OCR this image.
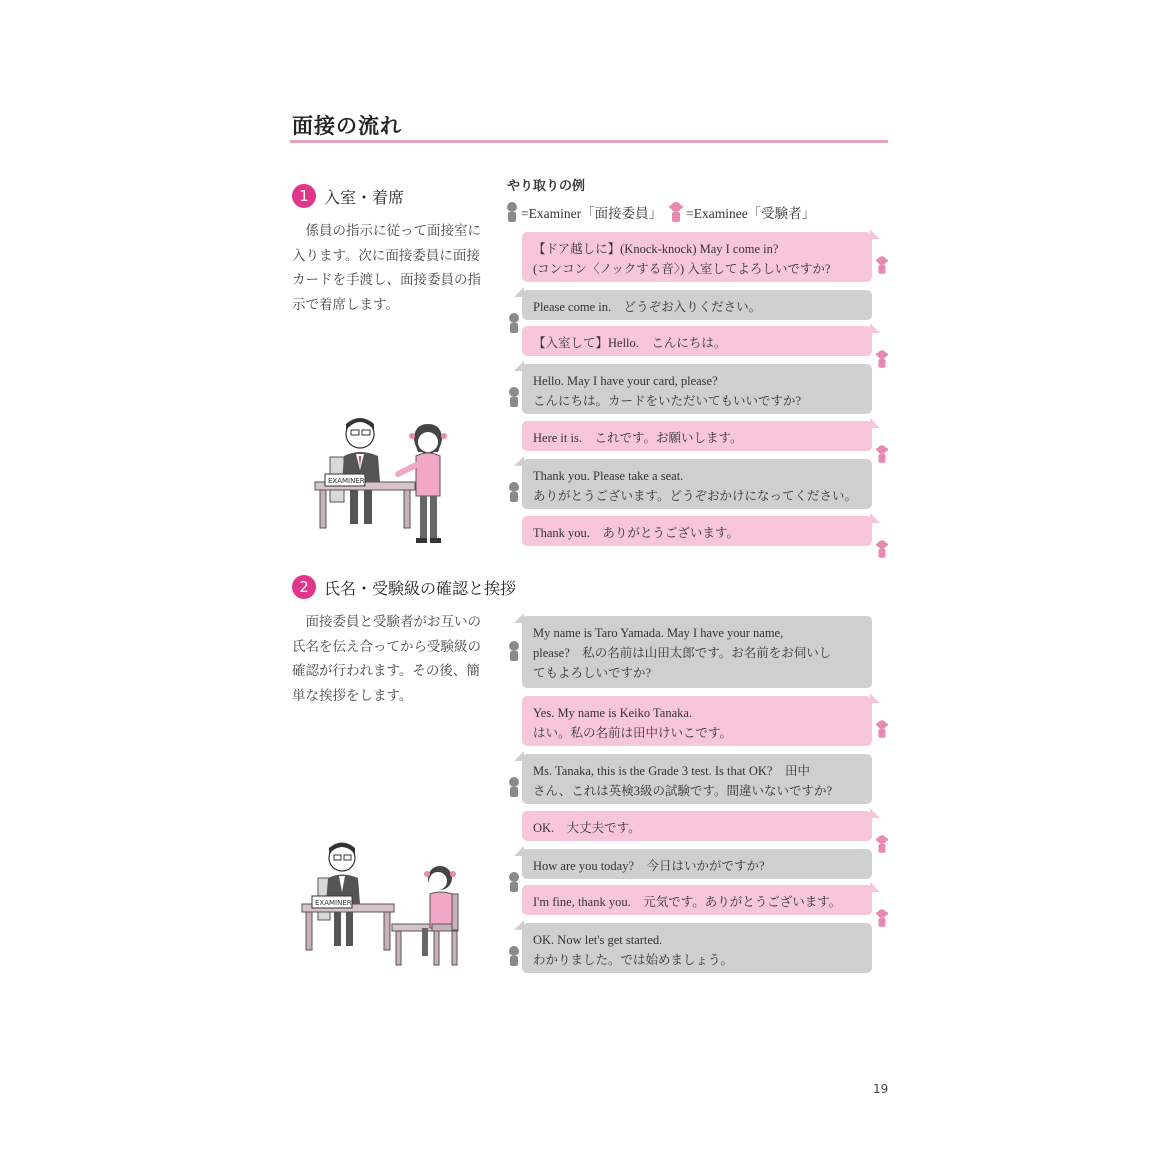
面接の流れ
1 入室・着席
係員の指示に従って面接室に入ります。次に面接委員に面接カードを手渡し、面接委員の指示で着席します。
やり取りの例
=Examiner「面接委員」 =Examinee「受験者」
【ドア越しに】(Knock-knock) May I come in?
(コンコン〈ノックする音〉) 入室してよろしいですか?
Please come in.　どうぞお入りください。
【入室して】Hello.　こんにちは。
Hello. May I have your card, please?
こんにちは。カードをいただいてもいいですか?
Here it is.　これです。お願いします。
Thank you. Please take a seat.
ありがとうございます。どうぞおかけになってください。
Thank you.　ありがとうございます。
EXAMINER
2 氏名・受験級の確認と挨拶
面接委員と受験者がお互いの氏名を伝え合ってから受験級の確認が行われます。その後、簡単な挨拶をします。
My name is Taro Yamada. May I have your name,
please?　私の名前は山田太郎です。お名前をお伺いし
てもよろしいですか?
Yes. My name is Keiko Tanaka.
はい。私の名前は田中けいこです。
Ms. Tanaka, this is the Grade 3 test. Is that OK?　田中
さん、これは英検3級の試験です。間違いないですか?
OK.　大丈夫です。
How are you today?　今日はいかがですか?
I'm fine, thank you.　元気です。ありがとうございます。
OK. Now let's get started.
わかりました。では始めましょう。
EXAMINER
19
